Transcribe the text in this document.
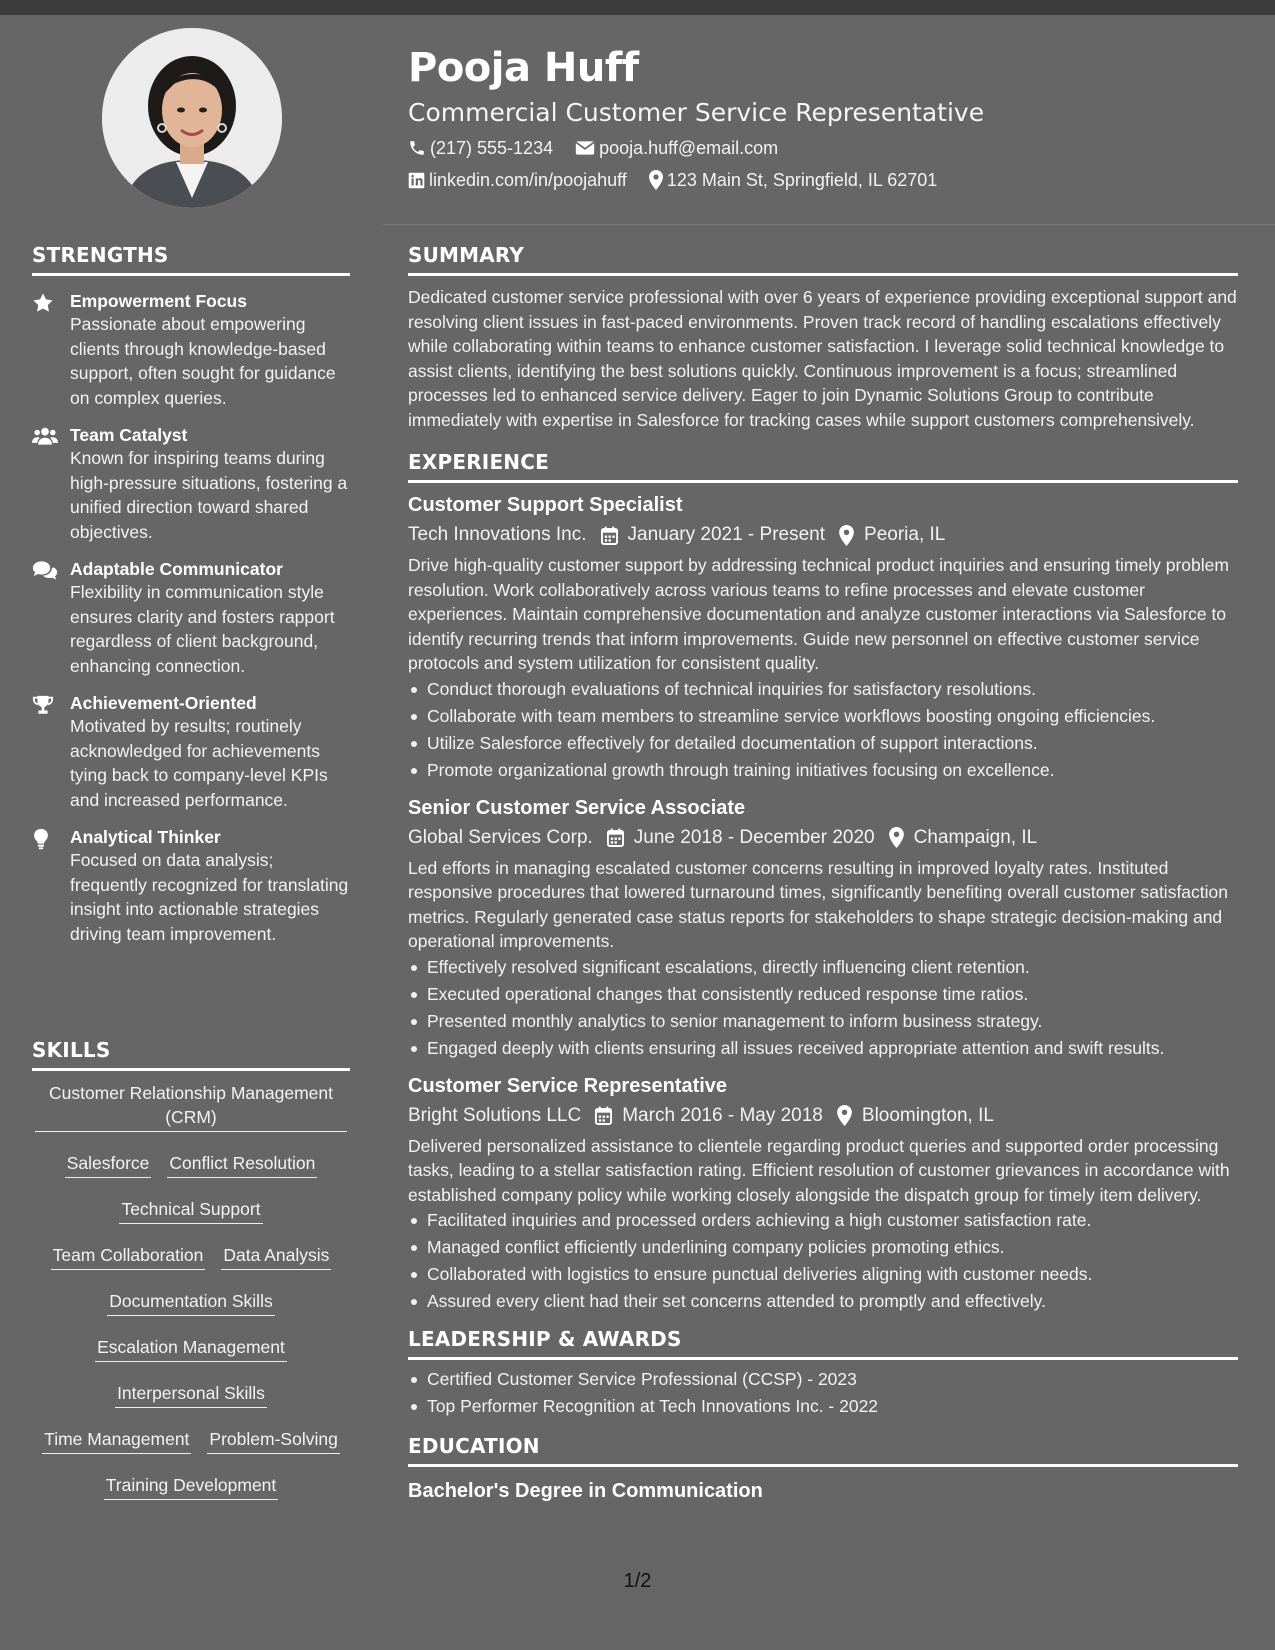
Pooja Huff
Commercial Customer Service Representative
(217) 555-1234	pooja.huff@email.com
linkedin.com/in/poojahuff 123 Main St, Springfield, IL 62701
STRENGTHS
Empowerment Focus
Passionate about empowering clients through knowledge-based support, often sought for guidance on complex queries.
Team Catalyst
Known for inspiring teams during high-pressure situations, fostering a unified direction toward shared objectives.
Adaptable Communicator
Flexibility in communication style ensures clarity and fosters rapport regardless of client background, enhancing connection.
Achievement-Oriented
Motivated by results; routinely acknowledged for achievements tying back to company-level KPIs and increased performance.
Analytical Thinker
Focused on data analysis; frequently recognized for translating insight into actionable strategies driving team improvement.
SKILLS
Customer Relationship Management (CRM)
Salesforce Conflict Resolution
Technical Support
Team Collaboration Data Analysis
Documentation Skills
Escalation Management
Interpersonal Skills
Time Management Problem-Solving
Training Development
SUMMARY
Dedicated customer service professional with over 6 years of experience providing exceptional support and resolving client issues in fast-paced environments. Proven track record of handling escalations effectively while collaborating within teams to enhance customer satisfaction. I leverage solid technical knowledge to assist clients, identifying the best solutions quickly. Continuous improvement is a focus; streamlined processes led to enhanced service delivery. Eager to join Dynamic Solutions Group to contribute immediately with expertise in Salesforce for tracking cases while support customers comprehensively.
EXPERIENCE
Customer Support Specialist
Tech Innovations Inc. January 2021 - Present Peoria, IL
Drive high-quality customer support by addressing technical product inquiries and ensuring timely problem resolution. Work collaboratively across various teams to refine processes and elevate customer experiences. Maintain comprehensive documentation and analyze customer interactions via Salesforce to identify recurring trends that inform improvements. Guide new personnel on effective customer service protocols and system utilization for consistent quality.
Conduct thorough evaluations of technical inquiries for satisfactory resolutions.
Collaborate with team members to streamline service workflows boosting ongoing efficiencies.
Utilize Salesforce effectively for detailed documentation of support interactions.
Promote organizational growth through training initiatives focusing on excellence.
Senior Customer Service Associate
Global Services Corp. June 2018 - December 2020 Champaign, IL
Led efforts in managing escalated customer concerns resulting in improved loyalty rates. Instituted responsive procedures that lowered turnaround times, significantly benefiting overall customer satisfaction metrics. Regularly generated case status reports for stakeholders to shape strategic decision-making and operational improvements.
Effectively resolved significant escalations, directly influencing client retention.
Executed operational changes that consistently reduced response time ratios.
Presented monthly analytics to senior management to inform business strategy.
Engaged deeply with clients ensuring all issues received appropriate attention and swift results.
Customer Service Representative
Bright Solutions LLC March 2016 - May 2018 Bloomington, IL
Delivered personalized assistance to clientele regarding product queries and supported order processing tasks, leading to a stellar satisfaction rating. Efficient resolution of customer grievances in accordance with established company policy while working closely alongside the dispatch group for timely item delivery.
Facilitated inquiries and processed orders achieving a high customer satisfaction rate.
Managed conflict efficiently underlining company policies promoting ethics.
Collaborated with logistics to ensure punctual deliveries aligning with customer needs.
Assured every client had their set concerns attended to promptly and effectively.
LEADERSHIP & AWARDS
Certified Customer Service Professional (CCSP) - 2023
Top Performer Recognition at Tech Innovations Inc. - 2022
EDUCATION
Bachelor's Degree in Communication
1/2
